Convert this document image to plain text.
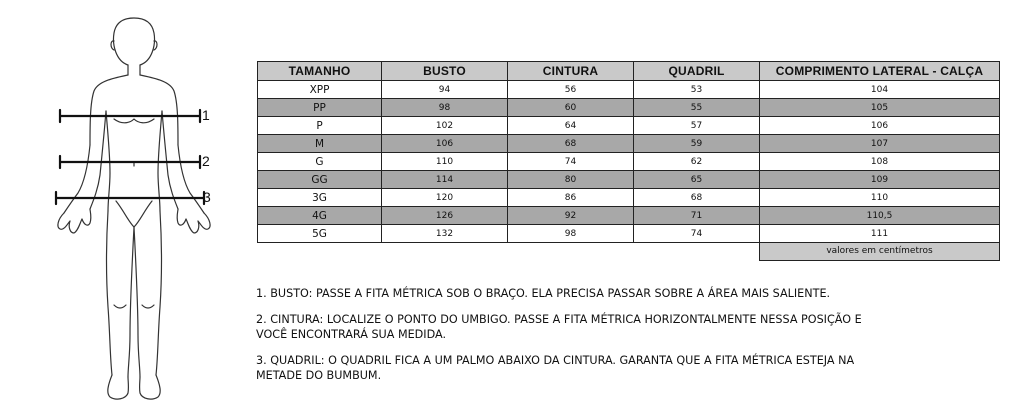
1
2
3
TAMANHO	BUSTO	CINTURA	QUADRIL	COMPRIMENTO LATERAL - CALÇA
XPP	94	56	53	104
PP	98	60	55	105
P	102	64	57	106
M	106	68	59	107
G	110	74	62	108
GG	114	80	65	109
3G	120	86	68	110
4G	126	92	71	110,5
5G	132	98	74	111
				valores em centímetros

1. BUSTO: PASSE A FITA MÉTRICA SOB O BRAÇO. ELA PRECISA PASSAR SOBRE A ÁREA MAIS SALIENTE.

2. CINTURA: LOCALIZE O PONTO DO UMBIGO. PASSE A FITA MÉTRICA HORIZONTALMENTE NESSA POSIÇÃO E VOCÊ ENCONTRARÁ SUA MEDIDA.

3. QUADRIL: O QUADRIL FICA A UM PALMO ABAIXO DA CINTURA. GARANTA QUE A FITA MÉTRICA ESTEJA NA METADE DO BUMBUM.
